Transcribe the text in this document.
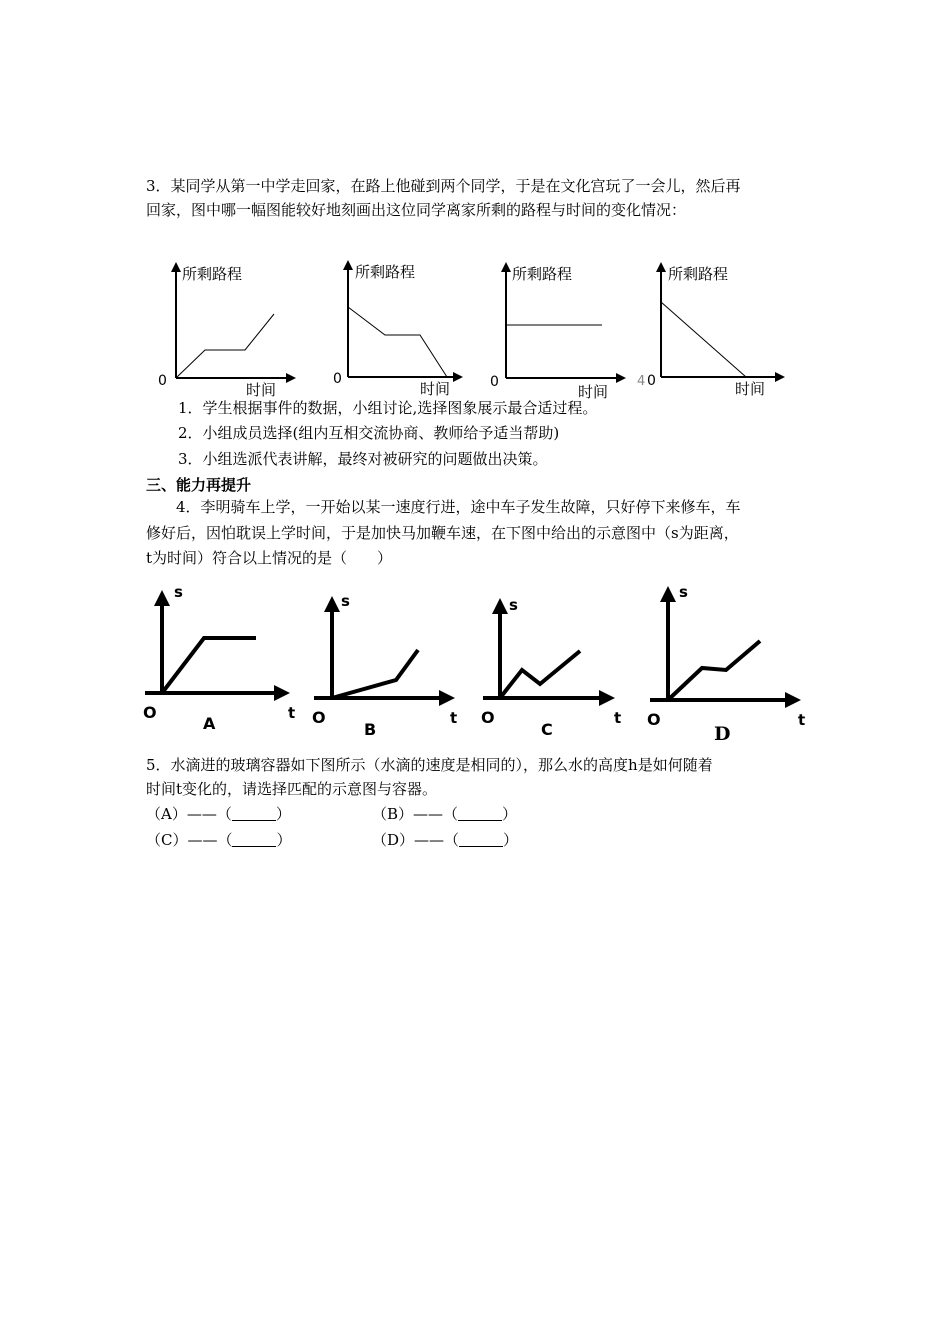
3．某同学从第一中学走回家，在路上他碰到两个同学，于是在文化宫玩了一会儿，然后再
回家，图中哪一幅图能较好地刻画出这位同学离家所剩的路程与时间的变化情况：
所剩路程
时间
0
所剩路程
时间
0
所剩路程
时间
0	4
所剩路程
时间
0
1．学生根据事件的数据，小组讨论,选择图象展示最合适过程。
2．小组成员选择(组内互相交流协商、教师给予适当帮助)
3．小组选派代表讲解，最终对被研究的问题做出决策。
三、能力再提升
4．李明骑车上学，一开始以某一速度行进，途中车子发生故障，只好停下来修车，车
修好后，因怕耽误上学时间，于是加快马加鞭车速，在下图中给出的示意图中（s为距离，
t为时间）符合以上情况的是（　　）
s
t
O
A
s
t
O
B
s
t
O
C
s
t
O
D
5．水滴进的玻璃容器如下图所示（水滴的速度是相同的），那么水的高度h是如何随着
时间t变化的，请选择匹配的示意图与容器。
（A）——（	）	（B）——（	）
（C）——（	）	（D）——（	）
